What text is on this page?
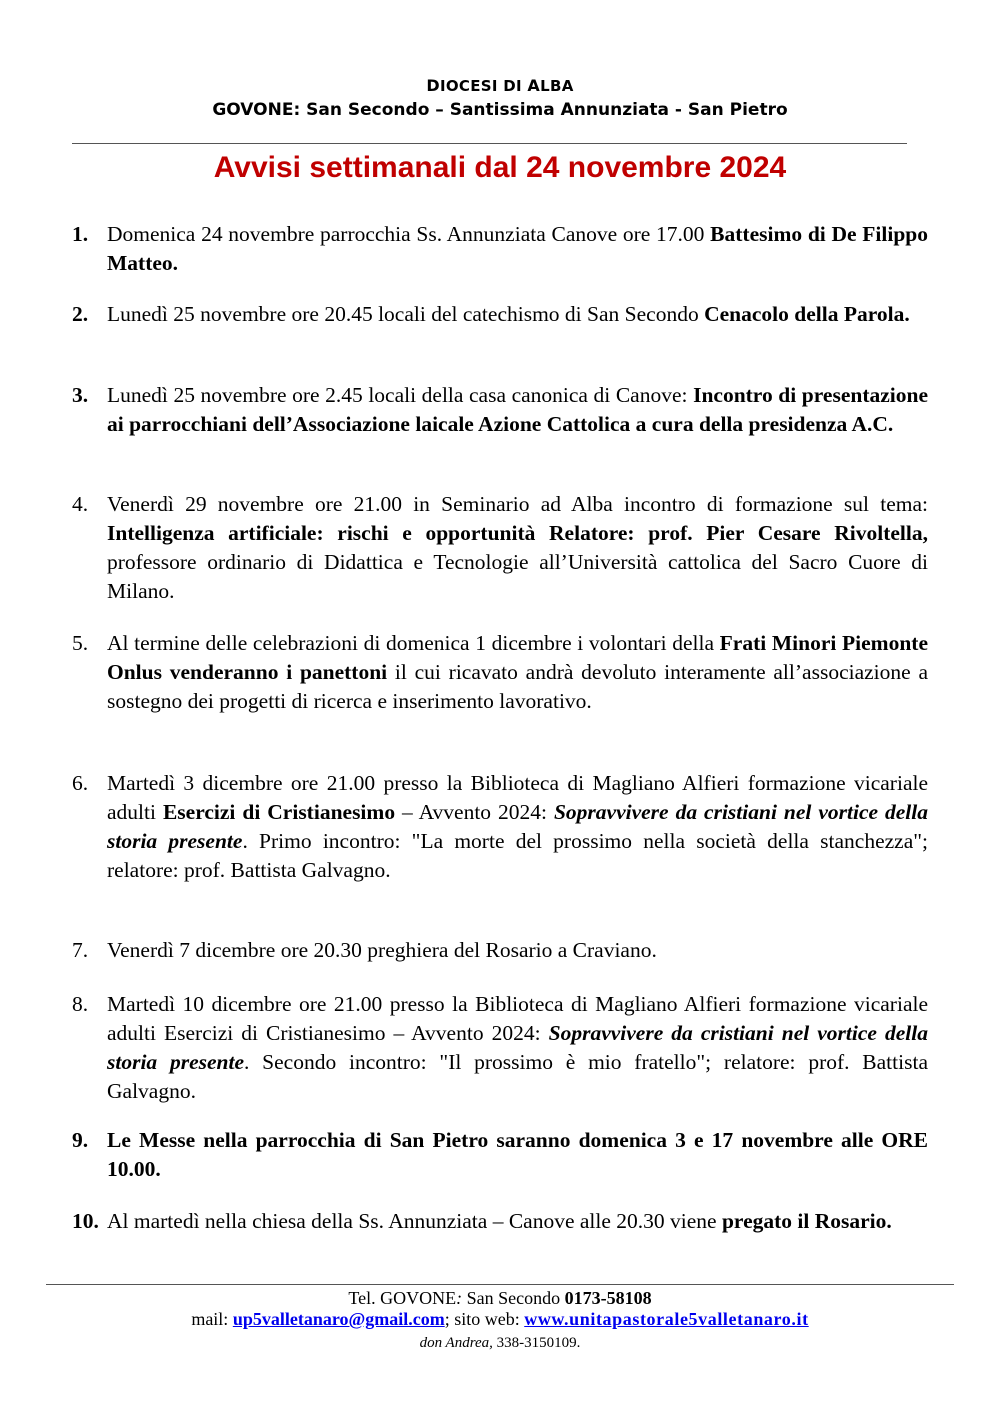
DIOCESI DI ALBA
GOVONE: San Secondo – Santissima Annunziata - San Pietro
Avvisi settimanali dal 24 novembre 2024
1. Domenica 24 novembre parrocchia Ss. Annunziata Canove ore 17.00 Battesimo di De Filippo Matteo.
2. Lunedì 25 novembre ore 20.45 locali del catechismo di San Secondo Cenacolo della Parola.
3. Lunedì 25 novembre ore 2.45 locali della casa canonica di Canove: Incontro di presentazione ai parrocchiani dell’Associazione laicale Azione Cattolica a cura della presidenza A.C.
4. Venerdì 29 novembre ore 21.00 in Seminario ad Alba incontro di formazione sul tema: Intelligenza artificiale: rischi e opportunità Relatore: prof. Pier Cesare Rivoltella, professore ordinario di Didattica e Tecnologie all’Università cattolica del Sacro Cuore di Milano.
5. Al termine delle celebrazioni di domenica 1 dicembre i volontari della Frati Minori Piemonte Onlus venderanno i panettoni il cui ricavato andrà devoluto interamente all’associazione a sostegno dei progetti di ricerca e inserimento lavorativo.
6. Martedì 3 dicembre ore 21.00 presso la Biblioteca di Magliano Alfieri formazione vicariale adulti Esercizi di Cristianesimo – Avvento 2024: Sopravvivere da cristiani nel vortice della storia presente. Primo incontro: "La morte del prossimo nella società della stanchezza"; relatore: prof. Battista Galvagno.
7. Venerdì 7 dicembre ore 20.30 preghiera del Rosario a Craviano.
8. Martedì 10 dicembre ore 21.00 presso la Biblioteca di Magliano Alfieri formazione vicariale adulti Esercizi di Cristianesimo – Avvento 2024: Sopravvivere da cristiani nel vortice della storia presente. Secondo incontro: "Il prossimo è mio fratello"; relatore: prof. Battista Galvagno.
9. Le Messe nella parrocchia di San Pietro saranno domenica 3 e 17 novembre alle ORE 10.00.
10. Al martedì nella chiesa della Ss. Annunziata – Canove alle 20.30 viene pregato il Rosario.
Tel. GOVONE: San Secondo 0173-58108
mail: up5valletanaro@gmail.com; sito web: www.unitapastorale5valletanaro.it
don Andrea, 338-3150109.
